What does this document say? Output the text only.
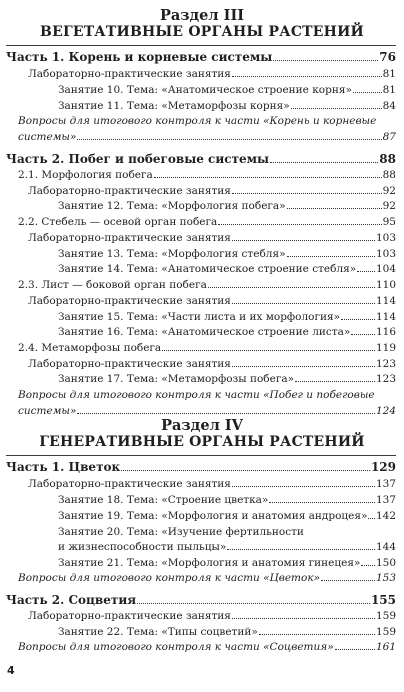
Раздел III
ВЕГЕТАТИВНЫЕ ОРГАНЫ РАСТЕНИЙ
Часть 1. Корень и корневые системы	76
Лабораторно-практические занятия	81
Занятие 10. Тема: «Анатомическое строение корня»	81
Занятие 11. Тема: «Метаморфозы корня»	84
Вопросы для итогового контроля к части «Корень и корневые
системы»	87
Часть 2. Побег и побеговые системы	88
2.1. Морфология побега	88
Лабораторно-практические занятия	92
Занятие 12. Тема: «Морфология побега»	92
2.2. Стебель — осевой орган побега	95
Лабораторно-практические занятия	103
Занятие 13. Тема: «Морфология стебля»	103
Занятие 14. Тема: «Анатомическое строение стебля» 104
2.3. Лист — боковой орган побега	110
Лабораторно-практические занятия	114
Занятие 15. Тема: «Части листа и их морфология»	114
Занятие 16. Тема: «Анатомическое строение листа» 116
2.4. Метаморфозы побега	119
Лабораторно-практические занятия	123
Занятие 17. Тема: «Метаморфозы побега»	123
Вопросы для итогового контроля к части «Побег и побеговые
системы»	124
Раздел IV
ГЕНЕРАТИВНЫЕ ОРГАНЫ РАСТЕНИЙ
Часть 1. Цветок	129
Лабораторно-практические занятия	137
Занятие 18. Тема: «Строение цветка»	137
Занятие 19. Тема: «Морфология и анатомия андроцея» 142
Занятие 20. Тема: «Изучение фертильности
и жизнеспособности пыльцы»	144
Занятие 21. Тема: «Морфология и анатомия гинецея» 150
Вопросы для итогового контроля к части «Цветок»	153
Часть 2. Соцветия	155
Лабораторно-практические занятия	159
Занятие 22. Тема: «Типы соцветий»	159
Вопросы для итогового контроля к части «Соцветия»	161
4
